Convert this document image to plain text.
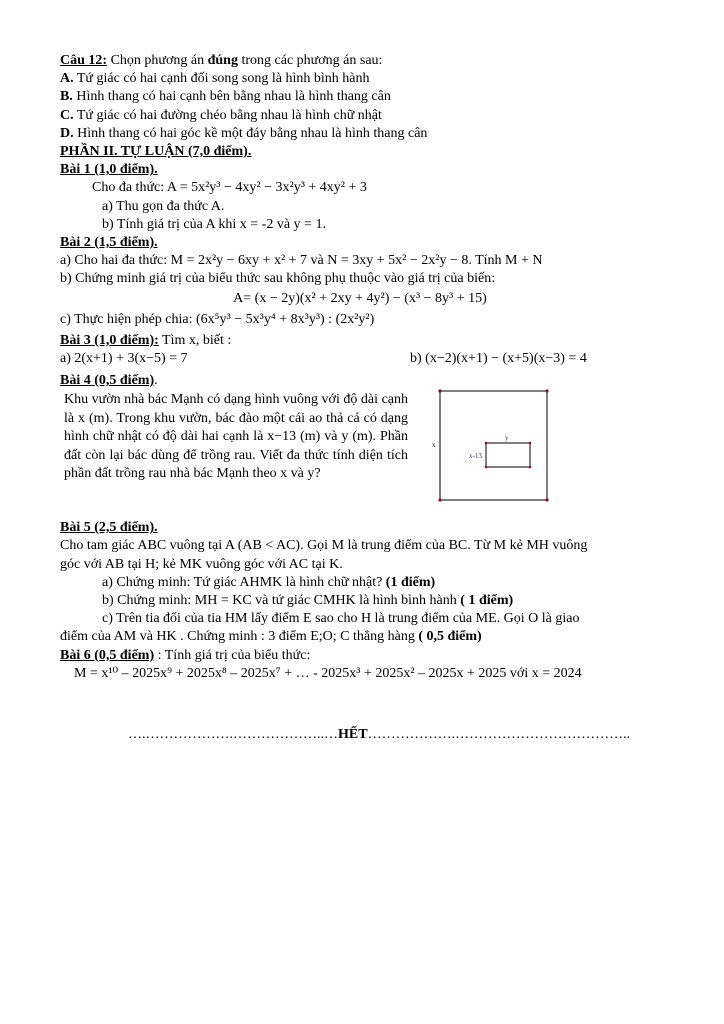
Câu 12: Chọn phương án đúng trong các phương án sau:

A. Tứ giác có hai cạnh đối song song là hình bình hành

B. Hình thang có hai cạnh bên bằng nhau là hình thang cân

C. Tứ giác có hai đường chéo bằng nhau là hình chữ nhật

D. Hình thang có hai góc kề một đáy bằng nhau là hình thang cân

PHẦN II. TỰ LUẬN (7,0 điểm).

Bài 1 (1,0 điểm).

Cho đa thức: A = 5x²y³ − 4xy² − 3x²y³ + 4xy² + 3

a) Thu gọn đa thức A.

b) Tính giá trị của A khi x = -2 và y = 1.

Bài 2 (1,5 điểm).

a) Cho hai đa thức: M = 2x²y − 6xy + x² + 7 và N = 3xy + 5x² − 2x²y − 8. Tính M + N

b) Chứng minh giá trị của biểu thức sau không phụ thuộc vào giá trị của biến:

A= (x − 2y)(x² + 2xy + 4y²) − (x³ − 8y³ + 15)

c) Thực hiện phép chia: (6x⁵y³ − 5x³y⁴ + 8x³y³) : (2x²y²)

Bài 3 (1,0 điểm): Tìm x, biết :

a) 2(x+1) + 3(x−5) = 7	b) (x−2)(x+1) − (x+5)(x−3) = 4

Bài 4 (0,5 điểm).

Khu vườn nhà bác Mạnh có dạng hình vuông với độ dài cạnh là x (m). Trong khu vườn, bác đào một cái ao thả cá có dạng hình chữ nhật có độ dài hai cạnh là x−13 (m) và y (m). Phần đất còn lại bác dùng để trồng rau. Viết đa thức tính diện tích phần đất trồng rau nhà bác Mạnh theo x và y?
x
y
x-13

Bài 5 (2,5 điểm).

Cho tam giác ABC vuông tại A (AB < AC). Gọi M là trung điểm của BC. Từ M kẻ MH vuông

góc với AB tại H; kẻ MK vuông góc với AC tại K.

a) Chứng minh: Tứ giác AHMK là hình chữ nhật? (1 điểm)

b) Chứng minh: MH = KC và tứ giác CMHK là hình bình hành ( 1 điểm)

c) Trên tia đối của tia HM lấy điểm E sao cho H là trung điểm của ME. Gọi O là giao

điểm của AM và HK . Chứng minh : 3 điểm E;O; C thẳng hàng ( 0,5 điểm)

Bài 6 (0,5 điểm) : Tính giá trị của biểu thức:

M = x¹⁰ – 2025x⁹ + 2025x⁸ – 2025x⁷ + … - 2025x³ + 2025x² – 2025x + 2025 với x = 2024

….……………….………………..…HẾT……………….………………………………..
